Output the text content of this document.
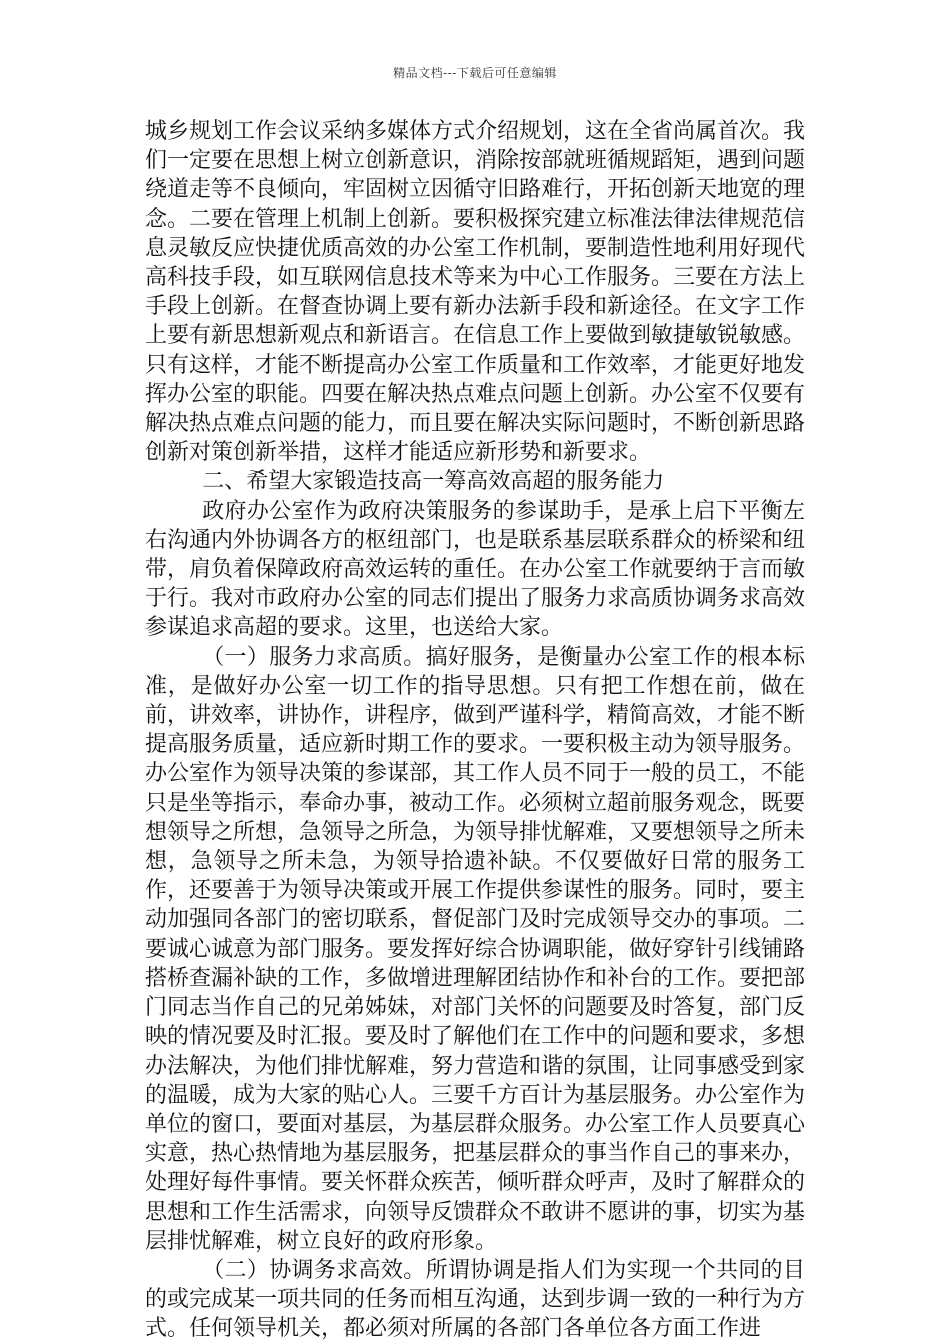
精品文档---下载后可任意编辑

城乡规划工作会议采纳多媒体方式介绍规划，这在全省尚属首次。我们一定要在思想上树立创新意识，消除按部就班循规蹈矩，遇到问题绕道走等不良倾向，牢固树立因循守旧路难行，开拓创新天地宽的理念。二要在管理上机制上创新。要积极探究建立标准法律法律规范信息灵敏反应快捷优质高效的办公室工作机制，要制造性地利用好现代高科技手段，如互联网信息技术等来为中心工作服务。三要在方法上手段上创新。在督查协调上要有新办法新手段和新途径。在文字工作上要有新思想新观点和新语言。在信息工作上要做到敏捷敏锐敏感。只有这样，才能不断提高办公室工作质量和工作效率，才能更好地发挥办公室的职能。四要在解决热点难点问题上创新。办公室不仅要有解决热点难点问题的能力，而且要在解决实际问题时，不断创新思路创新对策创新举措，这样才能适应新形势和新要求。

二、希望大家锻造技高一筹高效高超的服务能力

政府办公室作为政府决策服务的参谋助手，是承上启下平衡左右沟通内外协调各方的枢纽部门，也是联系基层联系群众的桥梁和纽带，肩负着保障政府高效运转的重任。在办公室工作就要纳于言而敏于行。我对市政府办公室的同志们提出了服务力求高质协调务求高效参谋追求高超的要求。这里，也送给大家。

（一）服务力求高质。搞好服务，是衡量办公室工作的根本标准，是做好办公室一切工作的指导思想。只有把工作想在前，做在前，讲效率，讲协作，讲程序，做到严谨科学，精简高效，才能不断提高服务质量，适应新时期工作的要求。一要积极主动为领导服务。办公室作为领导决策的参谋部，其工作人员不同于一般的员工，不能只是坐等指示，奉命办事，被动工作。必须树立超前服务观念，既要想领导之所想，急领导之所急，为领导排忧解难，又要想领导之所未想，急领导之所未急，为领导拾遗补缺。不仅要做好日常的服务工作，还要善于为领导决策或开展工作提供参谋性的服务。同时，要主动加强同各部门的密切联系，督促部门及时完成领导交办的事项。二要诚心诚意为部门服务。要发挥好综合协调职能，做好穿针引线铺路搭桥查漏补缺的工作，多做增进理解团结协作和补台的工作。要把部门同志当作自己的兄弟姊妹，对部门关怀的问题要及时答复，部门反映的情况要及时汇报。要及时了解他们在工作中的问题和要求，多想办法解决，为他们排忧解难，努力营造和谐的氛围，让同事感受到家的温暖，成为大家的贴心人。三要千方百计为基层服务。办公室作为单位的窗口，要面对基层，为基层群众服务。办公室工作人员要真心实意，热心热情地为基层服务，把基层群众的事当作自己的事来办，处理好每件事情。要关怀群众疾苦，倾听群众呼声，及时了解群众的思想和工作生活需求，向领导反馈群众不敢讲不愿讲的事，切实为基层排忧解难，树立良好的政府形象。

（二）协调务求高效。所谓协调是指人们为实现一个共同的目的或完成某一项共同的任务而相互沟通，达到步调一致的一种行为方式。任何领导机关，都必须对所属的各部门各单位各方面工作进
